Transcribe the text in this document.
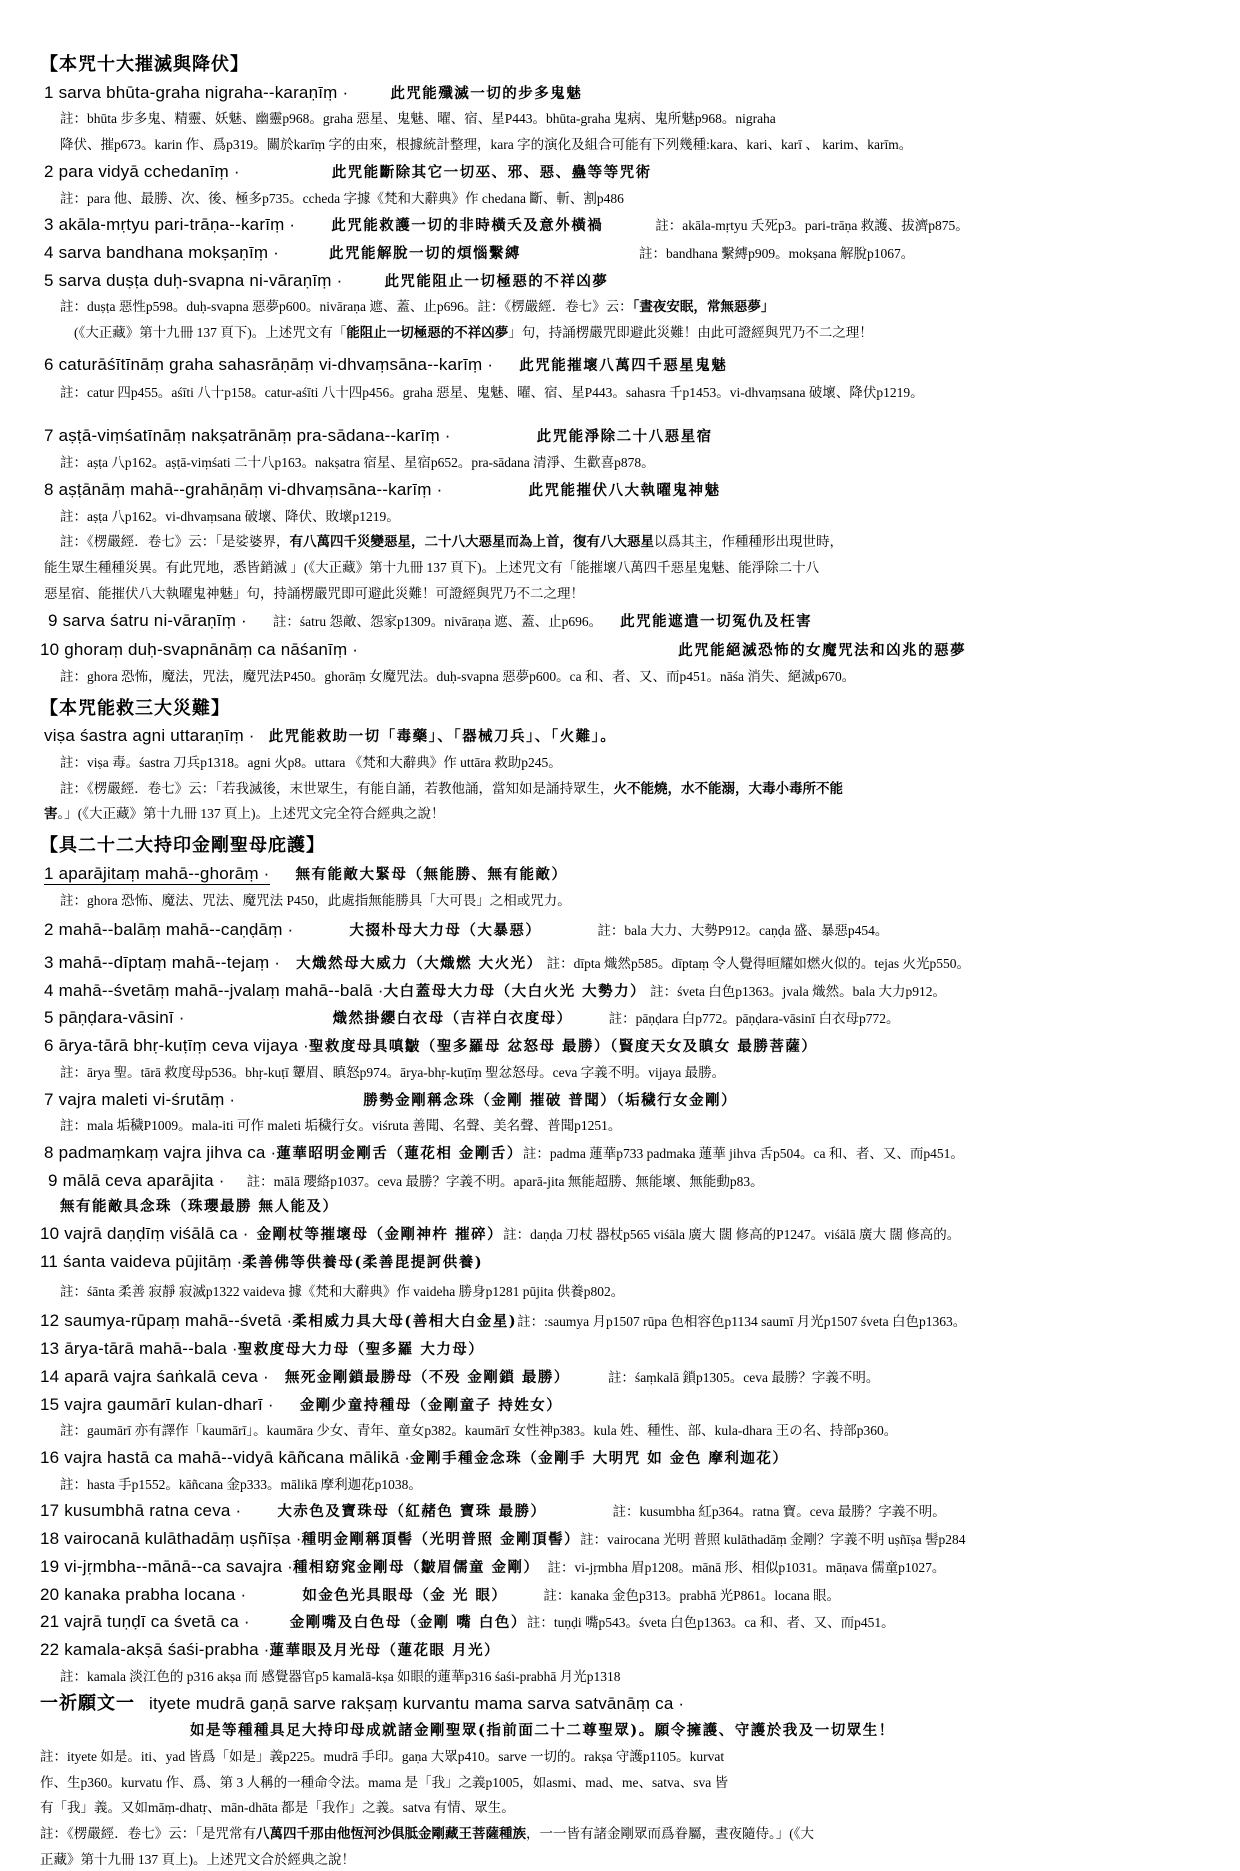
【本咒十大摧滅與降伏】
1 sarva bhūta-graha nigraha--karaṇīṃ ·	此咒能殲滅一切的步多鬼魅
註：bhūta 步多鬼、精靈、妖魅、幽靈p968。graha 惡星、鬼魅、曜、宿、星P443。bhūta-graha 鬼病、鬼所魅p968。nigraha
降伏、摧p673。karin 作、爲p319。關於karīṃ 字的由來，根據統計整理，kara 字的演化及組合可能有下列幾種:kara、kari、karī 、 karim、karīm。
2 para vidyā cchedanīṃ ·	此咒能斷除其它一切巫、邪、惡、蠱等等咒術
註：para 他、最勝、次、後、極多p735。ccheda 字據《梵和大辭典》作 chedana 斷、斬、割p486
3 akāla-mṛtyu pari-trāṇa--karīṃ · 此咒能救護一切的非時橫夭及意外橫禍	註：akāla-mṛtyu 夭死p3。pari-trāṇa 救護、拔濟p875。
4 sarva bandhana mokṣaṇīṃ ·	此咒能解脫一切的煩惱繫縛	註：bandhana 繫縛p909。mokṣana 解脫p1067。
5 sarva duṣṭa duḥ-svapna ni-vāraṇīṃ ·	此咒能阻止一切極惡的不祥凶夢
註：duṣṭa 惡性p598。duḥ-svapna 惡夢p600。nivāraṇa 遮、蓋、止p696。註：《楞嚴經．卷七》云：「晝夜安眠，常無惡夢」
(《大正藏》第十九冊 137 頁下)。上述咒文有「能阻止一切極惡的不祥凶夢」句，持誦楞嚴咒即避此災難！由此可證經與咒乃不二之理！
6 caturāśītīnāṃ graha sahasrāṇāṃ vi-dhvaṃsāna--karīṃ · 此咒能摧壞八萬四千惡星鬼魅
註：catur 四p455。aśīti 八十p158。catur-aśīti 八十四p456。graha 惡星、鬼魅、曜、宿、星P443。sahasra 千p1453。vi-dhvaṃsana 破壞、降伏p1219。
7 aṣṭā-viṃśatīnāṃ nakṣatrānāṃ pra-sādana--karīṃ ·	此咒能淨除二十八惡星宿
註：aṣṭa 八p162。aṣṭā-viṃśati 二十八p163。nakṣatra 宿星、星宿p652。pra-sādana 清淨、生歡喜p878。
8 aṣṭānāṃ mahā--grahāṇāṃ vi-dhvaṃsāna--karīṃ ·	此咒能摧伏八大執曜鬼神魅
註：aṣṭa 八p162。vi-dhvaṃsana 破壞、降伏、敗壞p1219。
註：《楞嚴經．卷七》云：「是娑婆界，有八萬四千災變惡星，二十八大惡星而為上首，復有八大惡星以爲其主，作種種形出現世時，
能生眾生種種災異。有此咒地，悉皆銷滅 」(《大正藏》第十九冊 137 頁下)。上述咒文有「能摧壞八萬四千惡星鬼魅、能淨除二十八
惡星宿、能摧伏八大執曜鬼神魅」句，持誦楞嚴咒即可避此災難！可證經與咒乃不二之理！
9 sarva śatru ni-vāraṇīṃ · 註：śatru 怨敵、怨家p1309。nivāraṇa 遮、蓋、止p696。 此咒能遮遣一切冤仇及枉害
10 ghoraṃ duḥ-svapnānāṃ ca nāśanīṃ ·	此咒能絕滅恐怖的女魔咒法和凶兆的惡夢
註：ghora 恐怖，魔法，咒法，魔咒法P450。ghorāṃ 女魔咒法。duḥ-svapna 惡夢p600。ca 和、者、又、而p451。nāśa 消失、絕滅p670。
【本咒能救三大災難】
viṣa śastra agni uttaraṇīṃ · 此咒能救助一切「毒藥」、「器械刀兵」、「火難」。
註：viṣa 毒。śastra 刀兵p1318。agni 火p8。uttara 《梵和大辭典》作 uttāra 救助p245。
註：《楞嚴經．卷七》云：「若我滅後，末世眾生，有能自誦，若教他誦，當知如是誦持眾生，火不能燒，水不能溺，大毒小毒所不能
害。」(《大正藏》第十九冊 137 頁上)。上述咒文完全符合經典之說！
【具二十二大持印金剛聖母庇護】
1 aparājitaṃ mahā--ghorāṃ · 無有能敵大緊母（無能勝、無有能敵）
註：ghora 恐怖、魔法、咒法、魔咒法 P450，此處指無能勝具「大可畏」之相或咒力。
2 mahā--balāṃ mahā--caṇḍāṃ ·	大掇朴母大力母（大暴惡）	註：bala 大力、大勢P912。caṇḍa 盛、暴惡p454。
3 mahā--dīptaṃ mahā--tejaṃ · 大熾然母大威力（大熾燃 大火光） 註：dīpta 熾然p585。dīptaṃ 令人覺得晅耀如燃火似的。tejas 火光p550。
4 mahā--śvetāṃ mahā--jvalaṃ mahā--balā ·大白蓋母大力母（大白火光 大勢力） 註：śveta 白色p1363。jvala 熾然。bala 大力p912。
5 pāṇḍara-vāsinī ·	熾然掛纓白衣母（吉祥白衣度母）	註：pāṇḍara 白p772。pāṇḍara-vāsinī 白衣母p772。
6 ārya-tārā bhṛ-kuṭīṃ ceva vijaya ·聖救度母具嗔皺（聖多羅母 忿怒母 最勝）（賢度天女及瞋女 最勝菩薩）
註：ārya 聖。tārā 救度母p536。bhṛ-kuṭī 顰眉、瞋怒p974。ārya-bhṛ-kuṭīṃ 聖忿怒母。ceva 字義不明。vijaya 最勝。
7 vajra maleti vi-śrutāṃ ·	勝勢金剛稱念珠（金剛 摧破 普聞）（垢穢行女金剛）
註：mala 垢穢P1009。mala-iti 可作 maleti 垢穢行女。viśruta 善聞、名聲、美名聲、普聞p1251。
8 padmaṃkaṃ vajra jihva ca ·蓮華昭明金剛舌（蓮花相 金剛舌）註：padma 蓮華p733 padmaka 蓮華 jihva 舌p504。ca 和、者、又、而p451。
9 mālā ceva aparājita · 註：mālā 瓔絡p1037。ceva 最勝？字義不明。aparā-jita 無能超勝、無能壞、無能動p83。
無有能敵具念珠（珠瓔最勝 無人能及）
10 vajrā daṇḍīṃ viśālā ca · 金剛杖等摧壞母（金剛神杵 摧碎）註：daṇḍa 刀杖 器杖p565 viśāla 廣大 闊 修高的P1247。viśālā 廣大 闊 修高的。
11 śanta vaideva pūjitāṃ ·柔善佛等供養母(柔善毘提訶供養)
註：śānta 柔善 寂靜 寂滅p1322 vaideva 據《梵和大辭典》作 vaideha 勝身p1281 pūjita 供養p802。
12 saumya-rūpaṃ mahā--śvetā ·柔相威力具大母(善相大白金星)註：:saumya 月p1507 rūpa 色相容色p1134 saumī 月光p1507 śveta 白色p1363。
13 ārya-tārā mahā--bala ·聖救度母大力母（聖多羅 大力母）
14 aparā vajra śaṅkalā ceva · 無死金剛鎖最勝母（不殁 金剛鎖 最勝）	註：śaṃkalā 鎖p1305。ceva 最勝？字義不明。
15 vajra gaumārī kulan-dharī · 金剛少童持種母（金剛童子 持姓女）
註：gaumārī 亦有譯作「kaumārī」。kaumāra 少女、青年、童女p382。kaumārī 女性神p383。kula 姓、種性、部、kula-dhara 王の名、持部p360。
16 vajra hastā ca mahā--vidyā kāñcana mālikā ·金剛手種金念珠（金剛手 大明咒 如 金色 摩利迦花）
註：hasta 手p1552。kāñcana 金p333。mālikā 摩利迦花p1038。
17 kusumbhā ratna ceva · 大赤色及寶珠母（紅赭色 寶珠 最勝）	註：kusumbha 紅p364。ratna 寶。ceva 最勝？字義不明。
18 vairocanā kulāthadāṃ uṣñīṣa ·種明金剛稱頂髻（光明普照 金剛頂髻）註：vairocana 光明 普照 kulāthadāṃ 金剛？字義不明 uṣñīṣa 髻p284
19 vi-jṛmbha--mānā--ca savajra ·種相窈窕金剛母（皺眉儒童 金剛） 註：vi-jṛmbha 眉p1208。mānā 形、相似p1031。māṇava 儒童p1027。
20 kanaka prabha locana ·	如金色光具眼母（金 光 眼）	註：kanaka 金色p313。prabhā 光P861。locana 眼。
21 vajrā tuṇḍī ca śvetā ca ·	金剛嘴及白色母（金剛 嘴 白色）註：tuṇḍi 嘴p543。śveta 白色p1363。ca 和、者、又、而p451。
22 kamala-akṣā śaśi-prabha ·蓮華眼及月光母（蓮花眼 月光）
註：kamala 淡江色的 p316 akṣa 而 感覺器官p5 kamalā-kṣa 如眼的蓮華p316 śaśi-prabhā 月光p1318
一祈願文一 ityete mudrā gaṇā sarve rakṣaṃ kurvantu mama sarva satvānāṃ ca ·
如是等種種具足大持印母成就諸金剛聖眾(指前面二十二尊聖眾)。願令擁護、守護於我及一切眾生！
註：ityete 如是。iti、yad 皆爲「如是」義p225。mudrā 手印。gaṇa 大眾p410。sarve 一切的。rakṣa 守護p1105。kurvat
作、生p360。kurvatu 作、爲、第 3 人稱的一種命令法。mama 是「我」之義p1005，如asmi、mad、me、satva、sva 皆
有「我」義。又如māṃ-dhatṛ、mān-dhāta 都是「我作」之義。satva 有情、眾生。
註：《楞嚴經．卷七》云：「是咒常有八萬四千那由他恆河沙俱胝金剛藏王菩薩種族，一一皆有諸金剛眾而爲眷屬，晝夜隨侍。」(《大
正藏》第十九冊 137 頁上)。上述咒文合於經典之說！
